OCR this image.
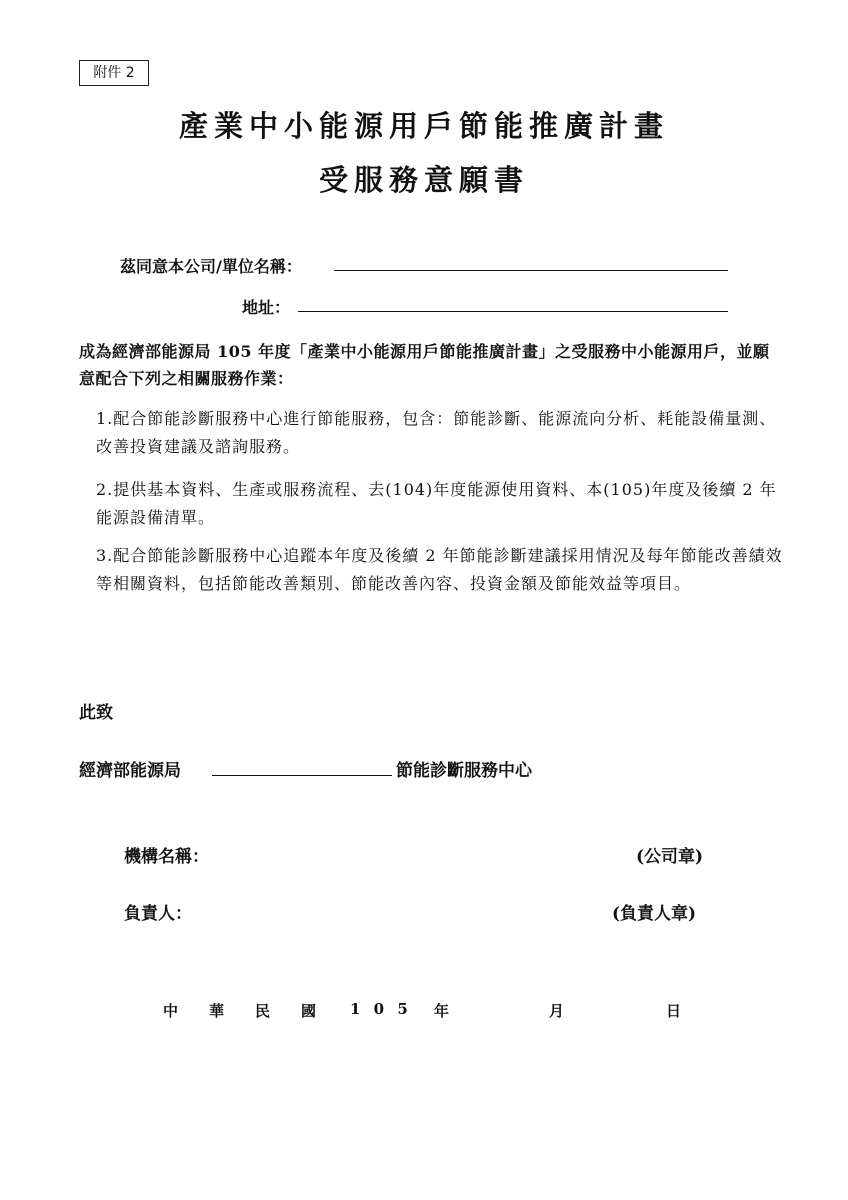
附件 2
產業中小能源用戶節能推廣計畫
受服務意願書
茲同意本公司/單位名稱：
地址：
成為經濟部能源局 105 年度「產業中小能源用戶節能推廣計畫」之受服務中小能源用戶，並願意配合下列之相關服務作業：
1.配合節能診斷服務中心進行節能服務，包含：節能診斷、能源流向分析、耗能設備量測、改善投資建議及諮詢服務。
2.提供基本資料、生產或服務流程、去(104)年度能源使用資料、本(105)年度及後續 2 年能源設備清單。
3.配合節能診斷服務中心追蹤本年度及後續 2 年節能診斷建議採用情況及每年節能改善績效等相關資料，包括節能改善類別、節能改善內容、投資金額及節能效益等項目。
此致
經濟部能源局	節能診斷服務中心
機構名稱：	(公司章)
負責人：	(負責人章)
中 華 民 國 1 0 5 年	月	日
